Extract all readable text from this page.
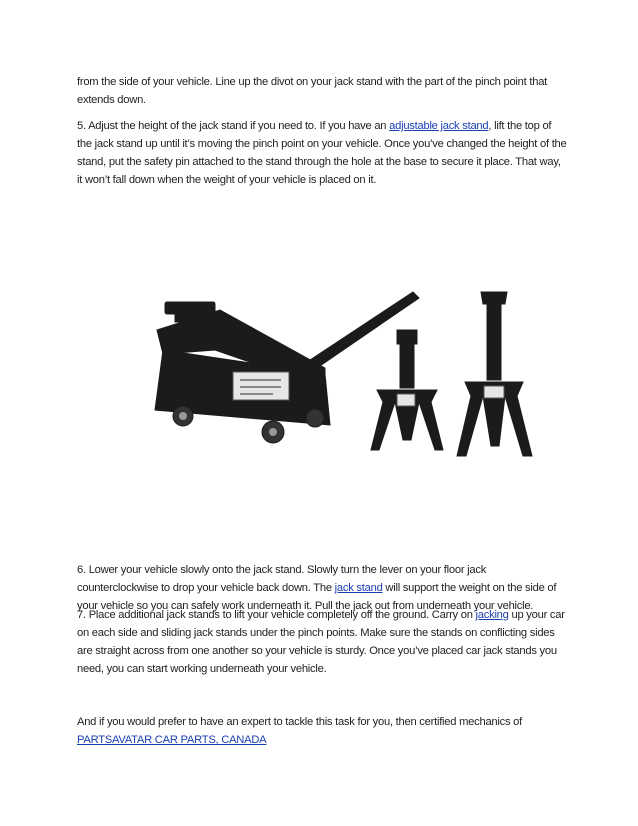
from the side of your vehicle. Line up the divot on your jack stand with the part of the pinch point that extends down.

5. Adjust the height of the jack stand if you need to. If you have an adjustable jack stand, lift the top of the jack stand up until it’s moving the pinch point on your vehicle. Once you’ve changed the height of the stand, put the safety pin attached to the stand through the hole at the base to secure it place. That way, it won’t fall down when the weight of your vehicle is placed on it.

6. Lower your vehicle slowly onto the jack stand. Slowly turn the lever on your floor jack counterclockwise to drop your vehicle back down. The jack stand will support the weight on the side of your vehicle so you can safely work underneath it. Pull the jack out from underneath your vehicle.

7. Place additional jack stands to lift your vehicle completely off the ground. Carry on jacking up your car on each side and sliding jack stands under the pinch points. Make sure the stands on conflicting sides are straight across from one another so your vehicle is sturdy. Once you’ve placed car jack stands you need, you can start working underneath your vehicle.

And if you would prefer to have an expert to tackle this task for you, then certified mechanics of PARTSAVATAR CAR PARTS, CANADA
